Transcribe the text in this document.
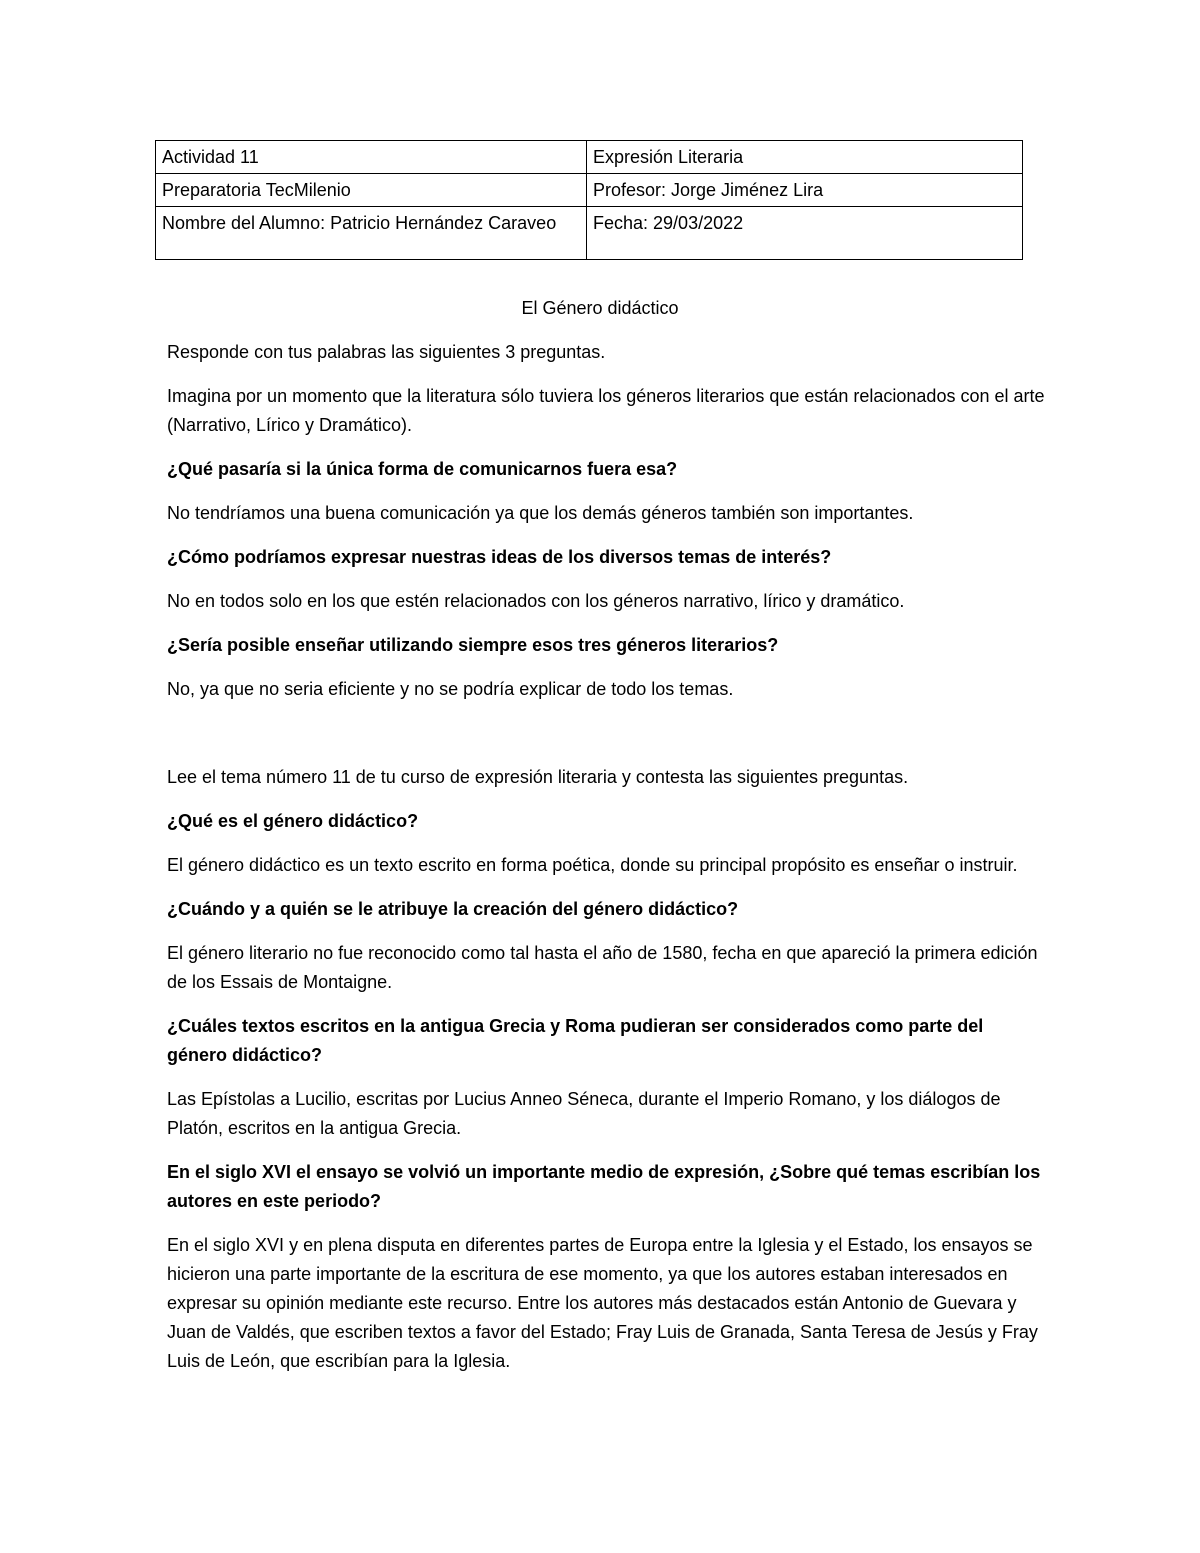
Actividad 11	Expresión Literaria
Preparatoria TecMilenio	Profesor: Jorge Jiménez Lira
Nombre del Alumno: Patricio Hernández Caraveo	Fecha: 29/03/2022

El Género didáctico

Responde con tus palabras las siguientes 3 preguntas.

Imagina por un momento que la literatura sólo tuviera los géneros literarios que están relacionados con el arte (Narrativo, Lírico y Dramático).

¿Qué pasaría si la única forma de comunicarnos fuera esa?

No tendríamos una buena comunicación ya que los demás géneros también son importantes.

¿Cómo podríamos expresar nuestras ideas de los diversos temas de interés?

No en todos solo en los que estén relacionados con los géneros narrativo, lírico y dramático.

¿Sería posible enseñar utilizando siempre esos tres géneros literarios?

No, ya que no seria eficiente y no se podría explicar de todo los temas.

Lee el tema número 11 de tu curso de expresión literaria y contesta las siguientes preguntas.

¿Qué es el género didáctico?

El género didáctico es un texto escrito en forma poética, donde su principal propósito es enseñar o instruir.

¿Cuándo y a quién se le atribuye la creación del género didáctico?

El género literario no fue reconocido como tal hasta el año de 1580, fecha en que apareció la primera edición de los Essais de Montaigne.

¿Cuáles textos escritos en la antigua Grecia y Roma pudieran ser considerados como parte del género didáctico?

Las Epístolas a Lucilio, escritas por Lucius Anneo Séneca, durante el Imperio Romano, y los diálogos de Platón, escritos en la antigua Grecia.

En el siglo XVI el ensayo se volvió un importante medio de expresión, ¿Sobre qué temas escribían los autores en este periodo?

En el siglo XVI y en plena disputa en diferentes partes de Europa entre la Iglesia y el Estado, los ensayos se hicieron una parte importante de la escritura de ese momento, ya que los autores estaban interesados en expresar su opinión mediante este recurso. Entre los autores más destacados están Antonio de Guevara y Juan de Valdés, que escriben textos a favor del Estado; Fray Luis de Granada, Santa Teresa de Jesús y Fray Luis de León, que escribían para la Iglesia.
